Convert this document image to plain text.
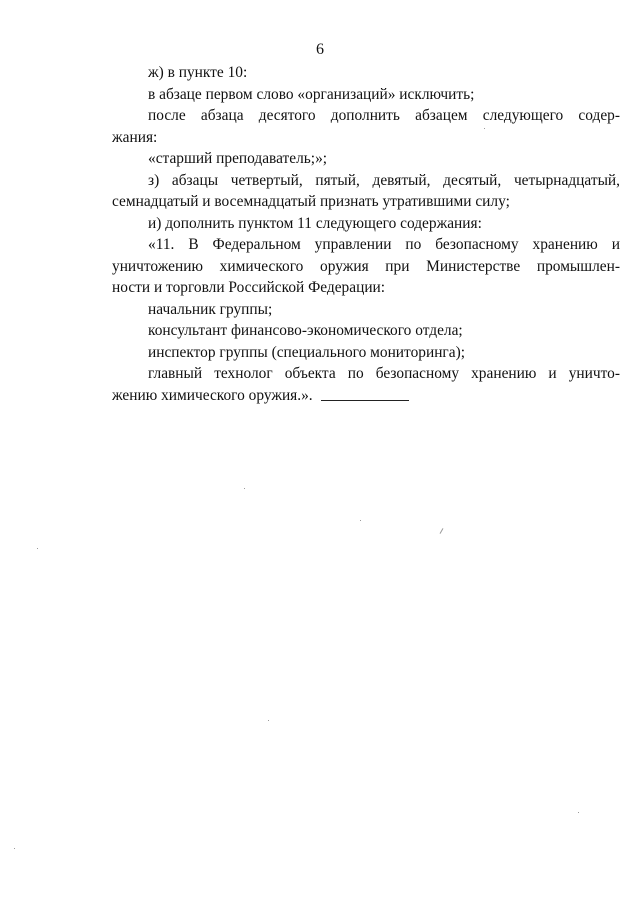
6
ж) в пункте 10:
в абзаце первом слово «организаций» исключить;
после абзаца десятого дополнить абзацем следующего содер-
жания:
«старший преподаватель;»;
з) абзацы четвертый, пятый, девятый, десятый, четырнадцатый,
семнадцатый и восемнадцатый признать утратившими силу;
и) дополнить пунктом 11 следующего содержания:
«11. В Федеральном управлении по безопасному хранению и
уничтожению химического оружия при Министерстве промышлен-
ности и торговли Российской Федерации:
начальник группы;
консультант финансово-экономического отдела;
инспектор группы (специального мониторинга);
главный технолог объекта по безопасному хранению и уничто-
жению химического оружия.».
